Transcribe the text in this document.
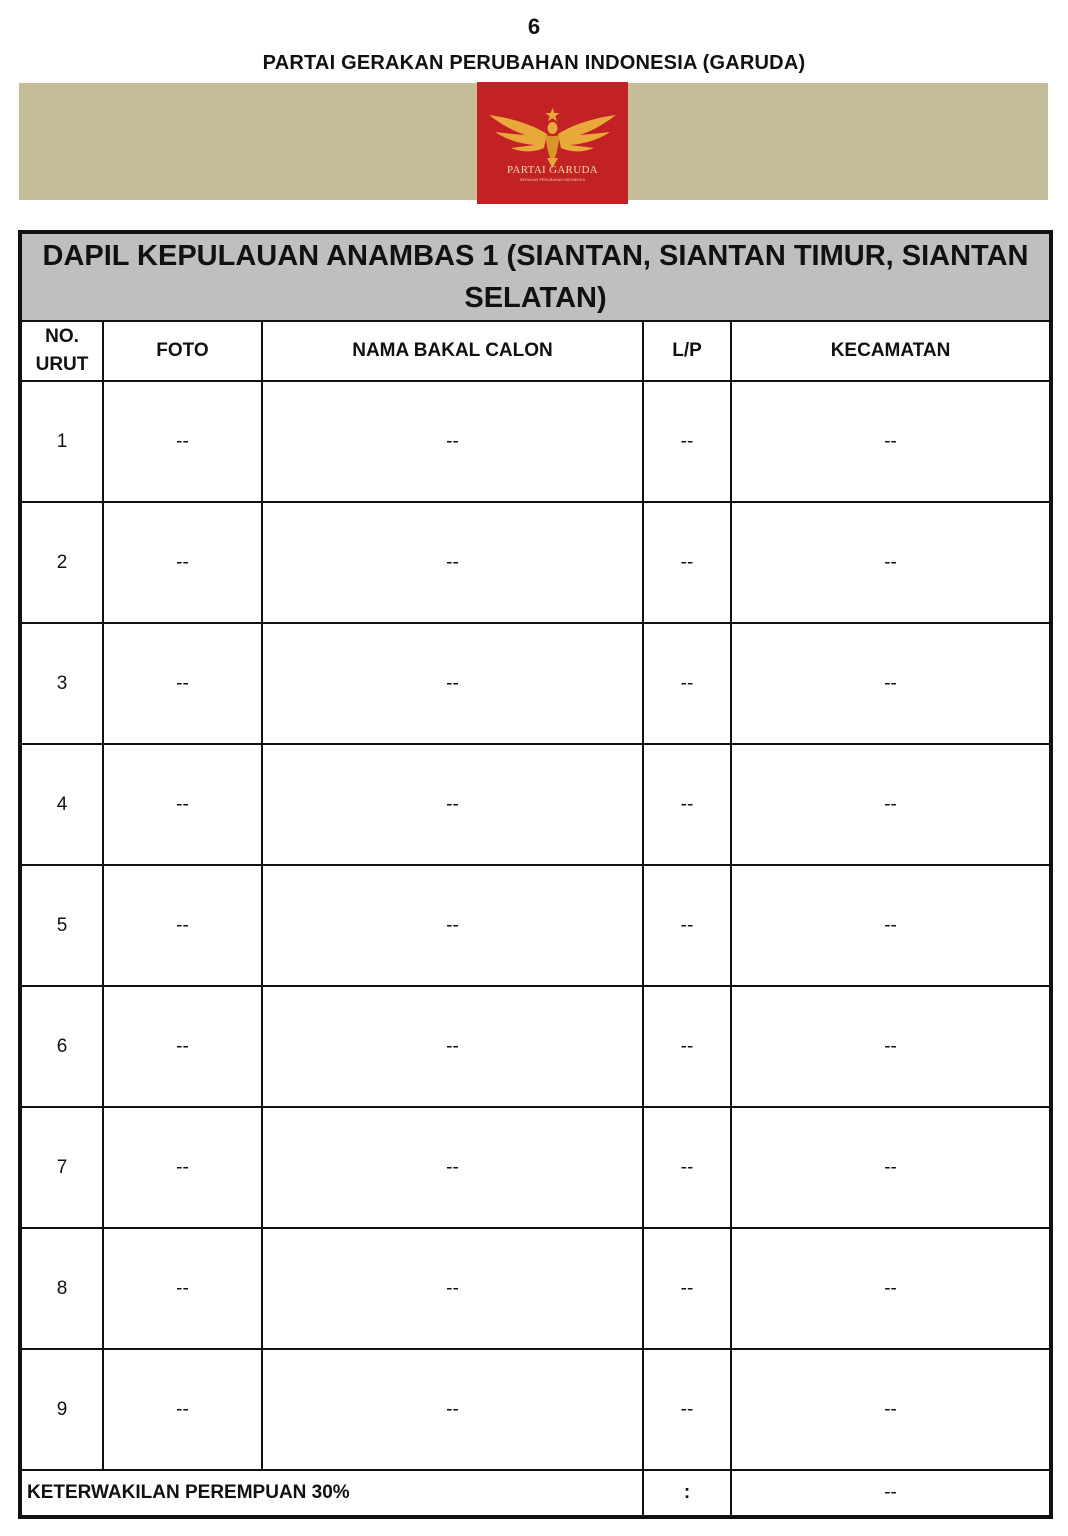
6
PARTAI GERAKAN PERUBAHAN INDONESIA (GARUDA)
PARTAI GARUDA
GERAKAN PERUBAHAN INDONESIA
DAPIL KEPULAUAN ANAMBAS 1 (SIANTAN, SIANTAN TIMUR, SIANTAN SELATAN)				
NO. URUT	FOTO	NAMA BAKAL CALON	L/P	KECAMATAN
1	--	--	--	--
2	--	--	--	--
3	--	--	--	--
4	--	--	--	--
5	--	--	--	--
6	--	--	--	--
7	--	--	--	--
8	--	--	--	--
9	--	--	--	--
KETERWAKILAN PEREMPUAN 30%			:	--
